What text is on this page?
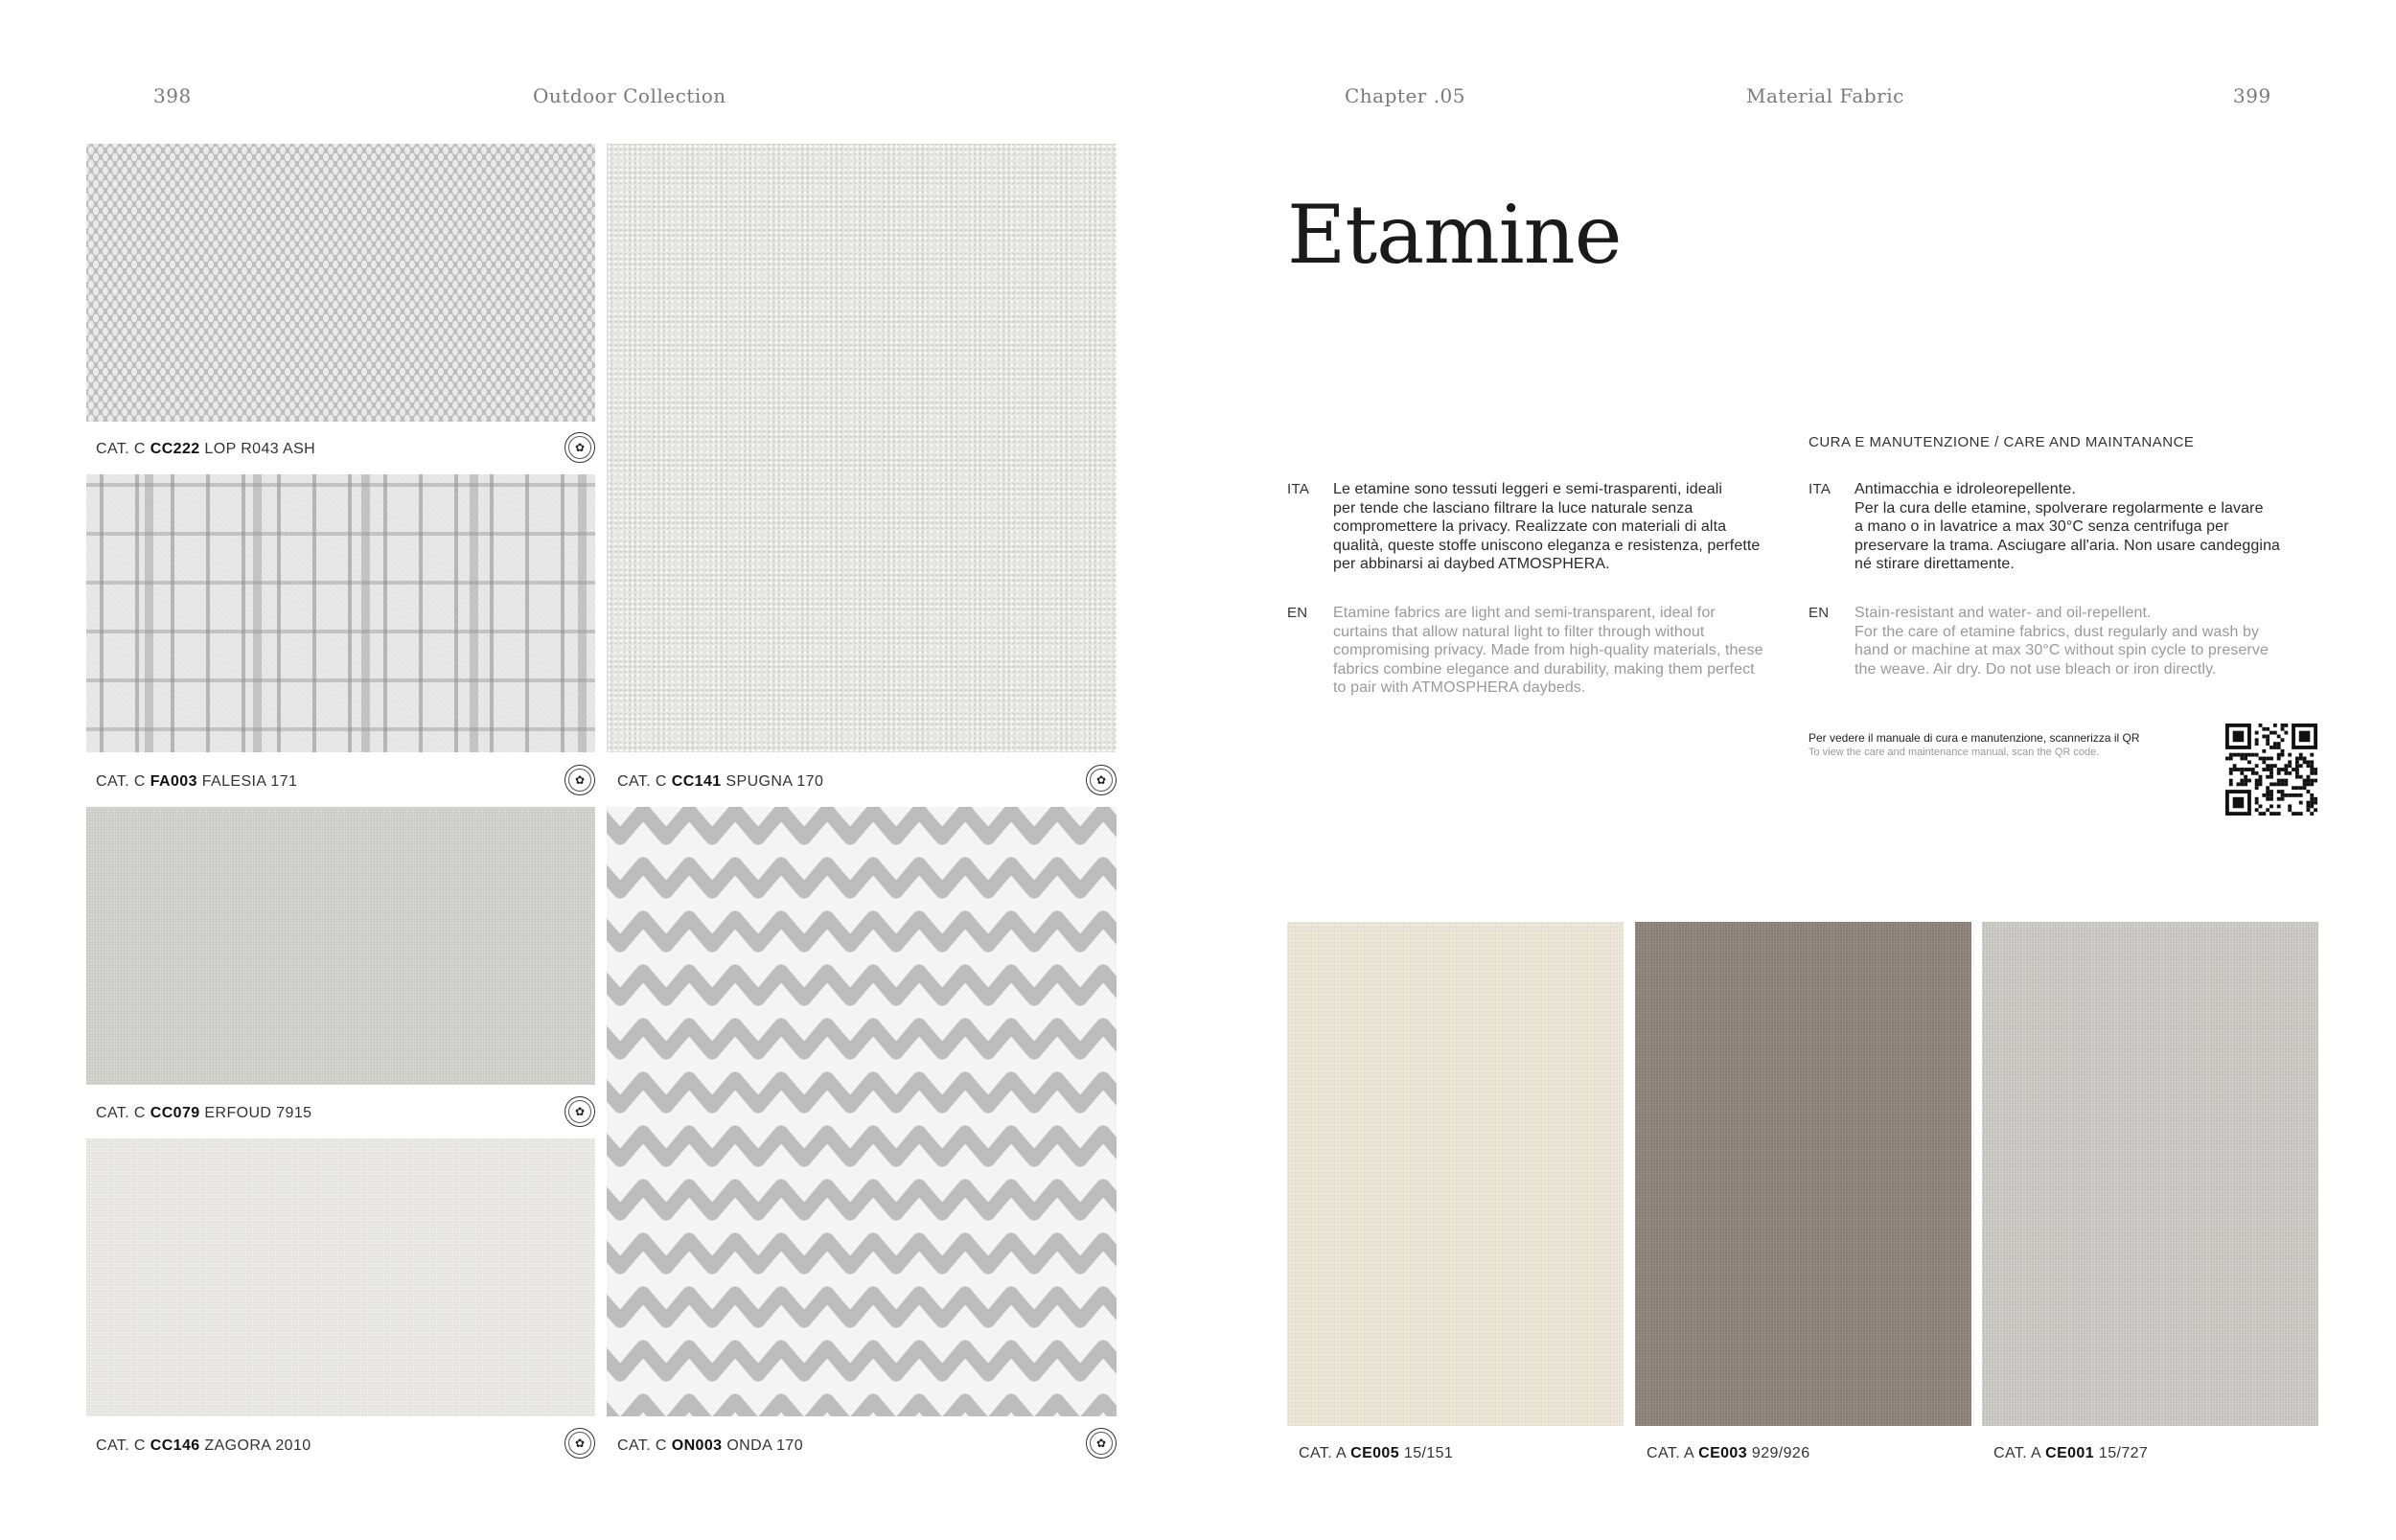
398	Outdoor Collection	Chapter .05	Material Fabric	399
CAT. C CC222 LOP R043 ASH	✿
CAT. C FA003 FALESIA 171	✿ CAT. C CC141 SPUGNA 170	✿
CAT. C CC079 ERFOUD 7915	✿
CAT. C CC146 ZAGORA 2010	✿ CAT. C ON003 ONDA 170	✿
Etamine
CURA E MANUTENZIONE / CARE AND MAINTANANCE
ITA Le etamine sono tessuti leggeri e semi-trasparenti, ideali
per tende che lasciano filtrare la luce naturale senza
compromettere la privacy. Realizzate con materiali di alta
qualità, queste stoffe uniscono eleganza e resistenza, perfette
per abbinarsi ai daybed ATMOSPHERA.
EN Etamine fabrics are light and semi-transparent, ideal for
curtains that allow natural light to filter through without
compromising privacy. Made from high-quality materials, these
fabrics combine elegance and durability, making them perfect
to pair with ATMOSPHERA daybeds.
ITA Antimacchia e idroleorepellente.
Per la cura delle etamine, spolverare regolarmente e lavare
a mano o in lavatrice a max 30°C senza centrifuga per
preservare la trama. Asciugare all'aria. Non usare candeggina
né stirare direttamente.
EN Stain-resistant and water- and oil-repellent.
For the care of etamine fabrics, dust regularly and wash by
hand or machine at max 30°C without spin cycle to preserve
the weave. Air dry. Do not use bleach or iron directly.
Per vedere il manuale di cura e manutenzione, scannerizza il QR
To view the care and maintenance manual, scan the QR code.
CAT. A CE005 15/151	CAT. A CE003 929/926	CAT. A CE001 15/727
